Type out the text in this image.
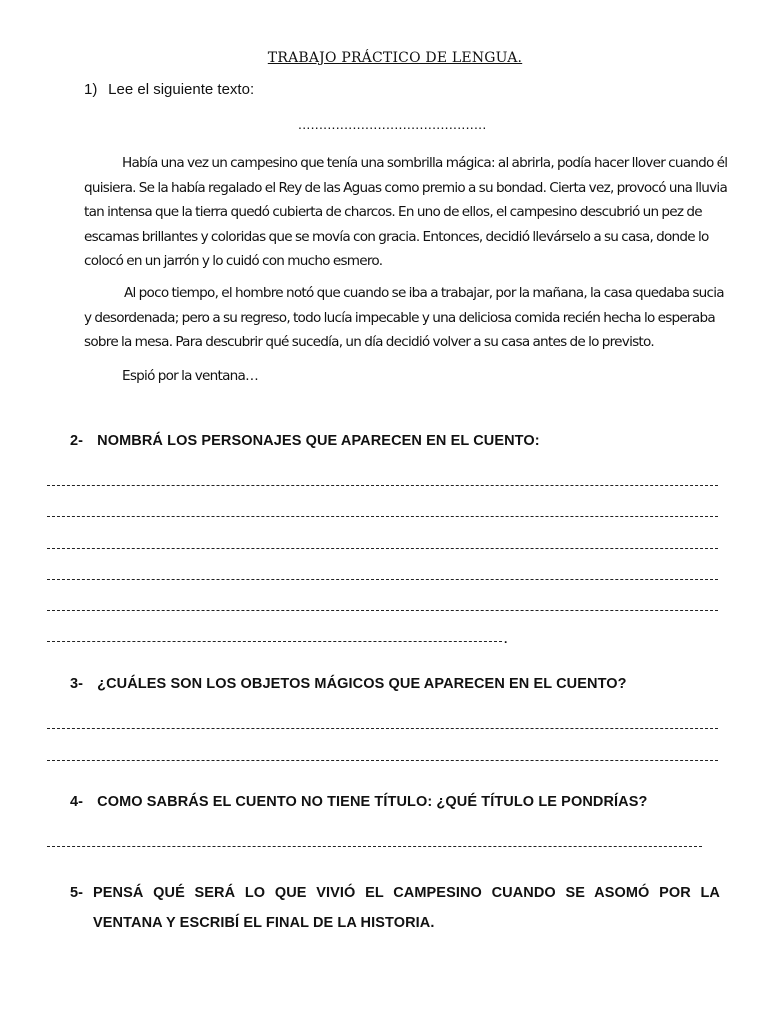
TRABAJO PRÁCTICO DE LENGUA.
1) Lee el siguiente texto:
.............................................

Había una vez un campesino que tenía una sombrilla mágica: al abrirla, podía hacer llover cuando él quisiera. Se la había regalado el Rey de las Aguas como premio a su bondad. Cierta vez, provocó una lluvia tan intensa que la tierra quedó cubierta de charcos. En uno de ellos, el campesino descubrió un pez de escamas brillantes y coloridas que se movía con gracia. Entonces, decidió llevárselo a su casa, donde lo colocó en un jarrón y lo cuidó con mucho esmero.

Al poco tiempo, el hombre notó que cuando se iba a trabajar, por la mañana, la casa quedaba sucia y desordenada; pero a su regreso, todo lucía impecable y una deliciosa comida recién hecha lo esperaba sobre la mesa. Para descubrir qué sucedía, un día decidió volver a su casa antes de lo previsto.

Espió por la ventana…

2- NOMBRÁ LOS PERSONAJES QUE APARECEN EN EL CUENTO:

.

3- ¿CUÁLES SON LOS OBJETOS MÁGICOS QUE APARECEN EN EL CUENTO?

4- COMO SABRÁS EL CUENTO NO TIENE TÍTULO: ¿QUÉ TÍTULO LE PONDRÍAS?

5- PENSÁ QUÉ SERÁ LO QUE VIVIÓ EL CAMPESINO CUANDO SE ASOMÓ POR LA VENTANA Y ESCRIBÍ EL FINAL DE LA HISTORIA.
